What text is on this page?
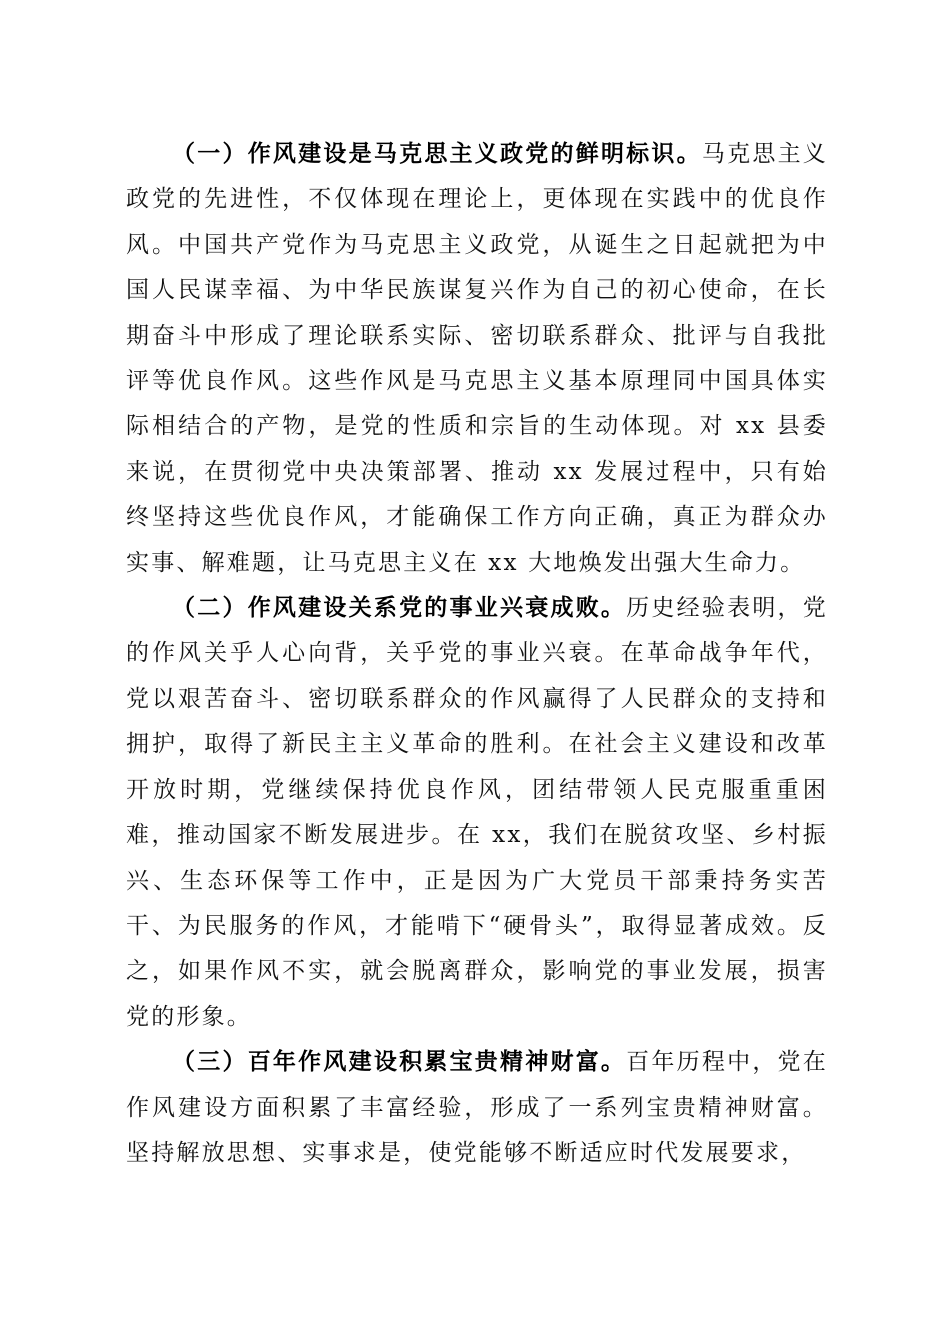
（一）作风建设是马克思主义政党的鲜明标识。马克思主义政党的先进性，不仅体现在理论上，更体现在实践中的优良作风。中国共产党作为马克思主义政党，从诞生之日起就把为中国人民谋幸福、为中华民族谋复兴作为自己的初心使命，在长期奋斗中形成了理论联系实际、密切联系群众、批评与自我批评等优良作风。这些作风是马克思主义基本原理同中国具体实际相结合的产物，是党的性质和宗旨的生动体现。对 xx 县委来说，在贯彻党中央决策部署、推动 xx 发展过程中，只有始终坚持这些优良作风，才能确保工作方向正确，真正为群众办实事、解难题，让马克思主义在 xx 大地焕发出强大生命力。

（二）作风建设关系党的事业兴衰成败。历史经验表明，党的作风关乎人心向背，关乎党的事业兴衰。在革命战争年代，党以艰苦奋斗、密切联系群众的作风赢得了人民群众的支持和拥护，取得了新民主主义革命的胜利。在社会主义建设和改革开放时期，党继续保持优良作风，团结带领人民克服重重困难，推动国家不断发展进步。在 xx，我们在脱贫攻坚、乡村振兴、生态环保等工作中，正是因为广大党员干部秉持务实苦干、为民服务的作风，才能啃下“硬骨头”，取得显著成效。反之，如果作风不实，就会脱离群众，影响党的事业发展，损害党的形象。

（三）百年作风建设积累宝贵精神财富。百年历程中，党在作风建设方面积累了丰富经验，形成了一系列宝贵精神财富。坚持解放思想、实事求是，使党能够不断适应时代发展要求，
